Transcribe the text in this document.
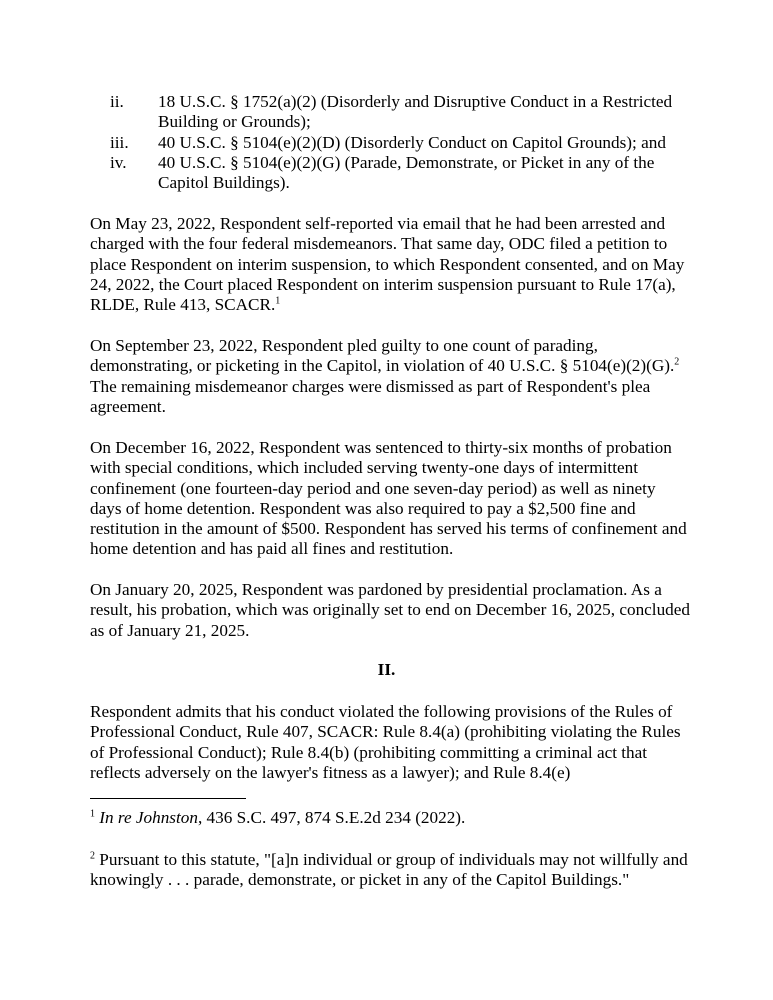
ii.	18 U.S.C. § 1752(a)(2) (Disorderly and Disruptive Conduct in a Restricted Building or Grounds);
iii.	40 U.S.C. § 5104(e)(2)(D) (Disorderly Conduct on Capitol Grounds); and
iv.	40 U.S.C. § 5104(e)(2)(G) (Parade, Demonstrate, or Picket in any of the Capitol Buildings).

On May 23, 2022, Respondent self-reported via email that he had been arrested and charged with the four federal misdemeanors. That same day, ODC filed a petition to place Respondent on interim suspension, to which Respondent consented, and on May 24, 2022, the Court placed Respondent on interim suspension pursuant to Rule 17(a), RLDE, Rule 413, SCACR.$^1$

On September 23, 2022, Respondent pled guilty to one count of parading, demonstrating, or picketing in the Capitol, in violation of 40 U.S.C. § 5104(e)(2)(G).$^2$ The remaining misdemeanor charges were dismissed as part of Respondent's plea agreement.

On December 16, 2022, Respondent was sentenced to thirty-six months of probation with special conditions, which included serving twenty-one days of intermittent confinement (one fourteen-day period and one seven-day period) as well as ninety days of home detention. Respondent was also required to pay a $2,500 fine and restitution in the amount of $500. Respondent has served his terms of confinement and home detention and has paid all fines and restitution.

On January 20, 2025, Respondent was pardoned by presidential proclamation. As a result, his probation, which was originally set to end on December 16, 2025, concluded as of January 21, 2025.

II.

Respondent admits that his conduct violated the following provisions of the Rules of Professional Conduct, Rule 407, SCACR: Rule 8.4(a) (prohibiting violating the Rules of Professional Conduct); Rule 8.4(b) (prohibiting committing a criminal act that reflects adversely on the lawyer's fitness as a lawyer); and Rule 8.4(e)

$^1$ In re Johnston, 436 S.C. 497, 874 S.E.2d 234 (2022).

$^2$ Pursuant to this statute, "[a]n individual or group of individuals may not willfully and knowingly . . . parade, demonstrate, or picket in any of the Capitol Buildings."
